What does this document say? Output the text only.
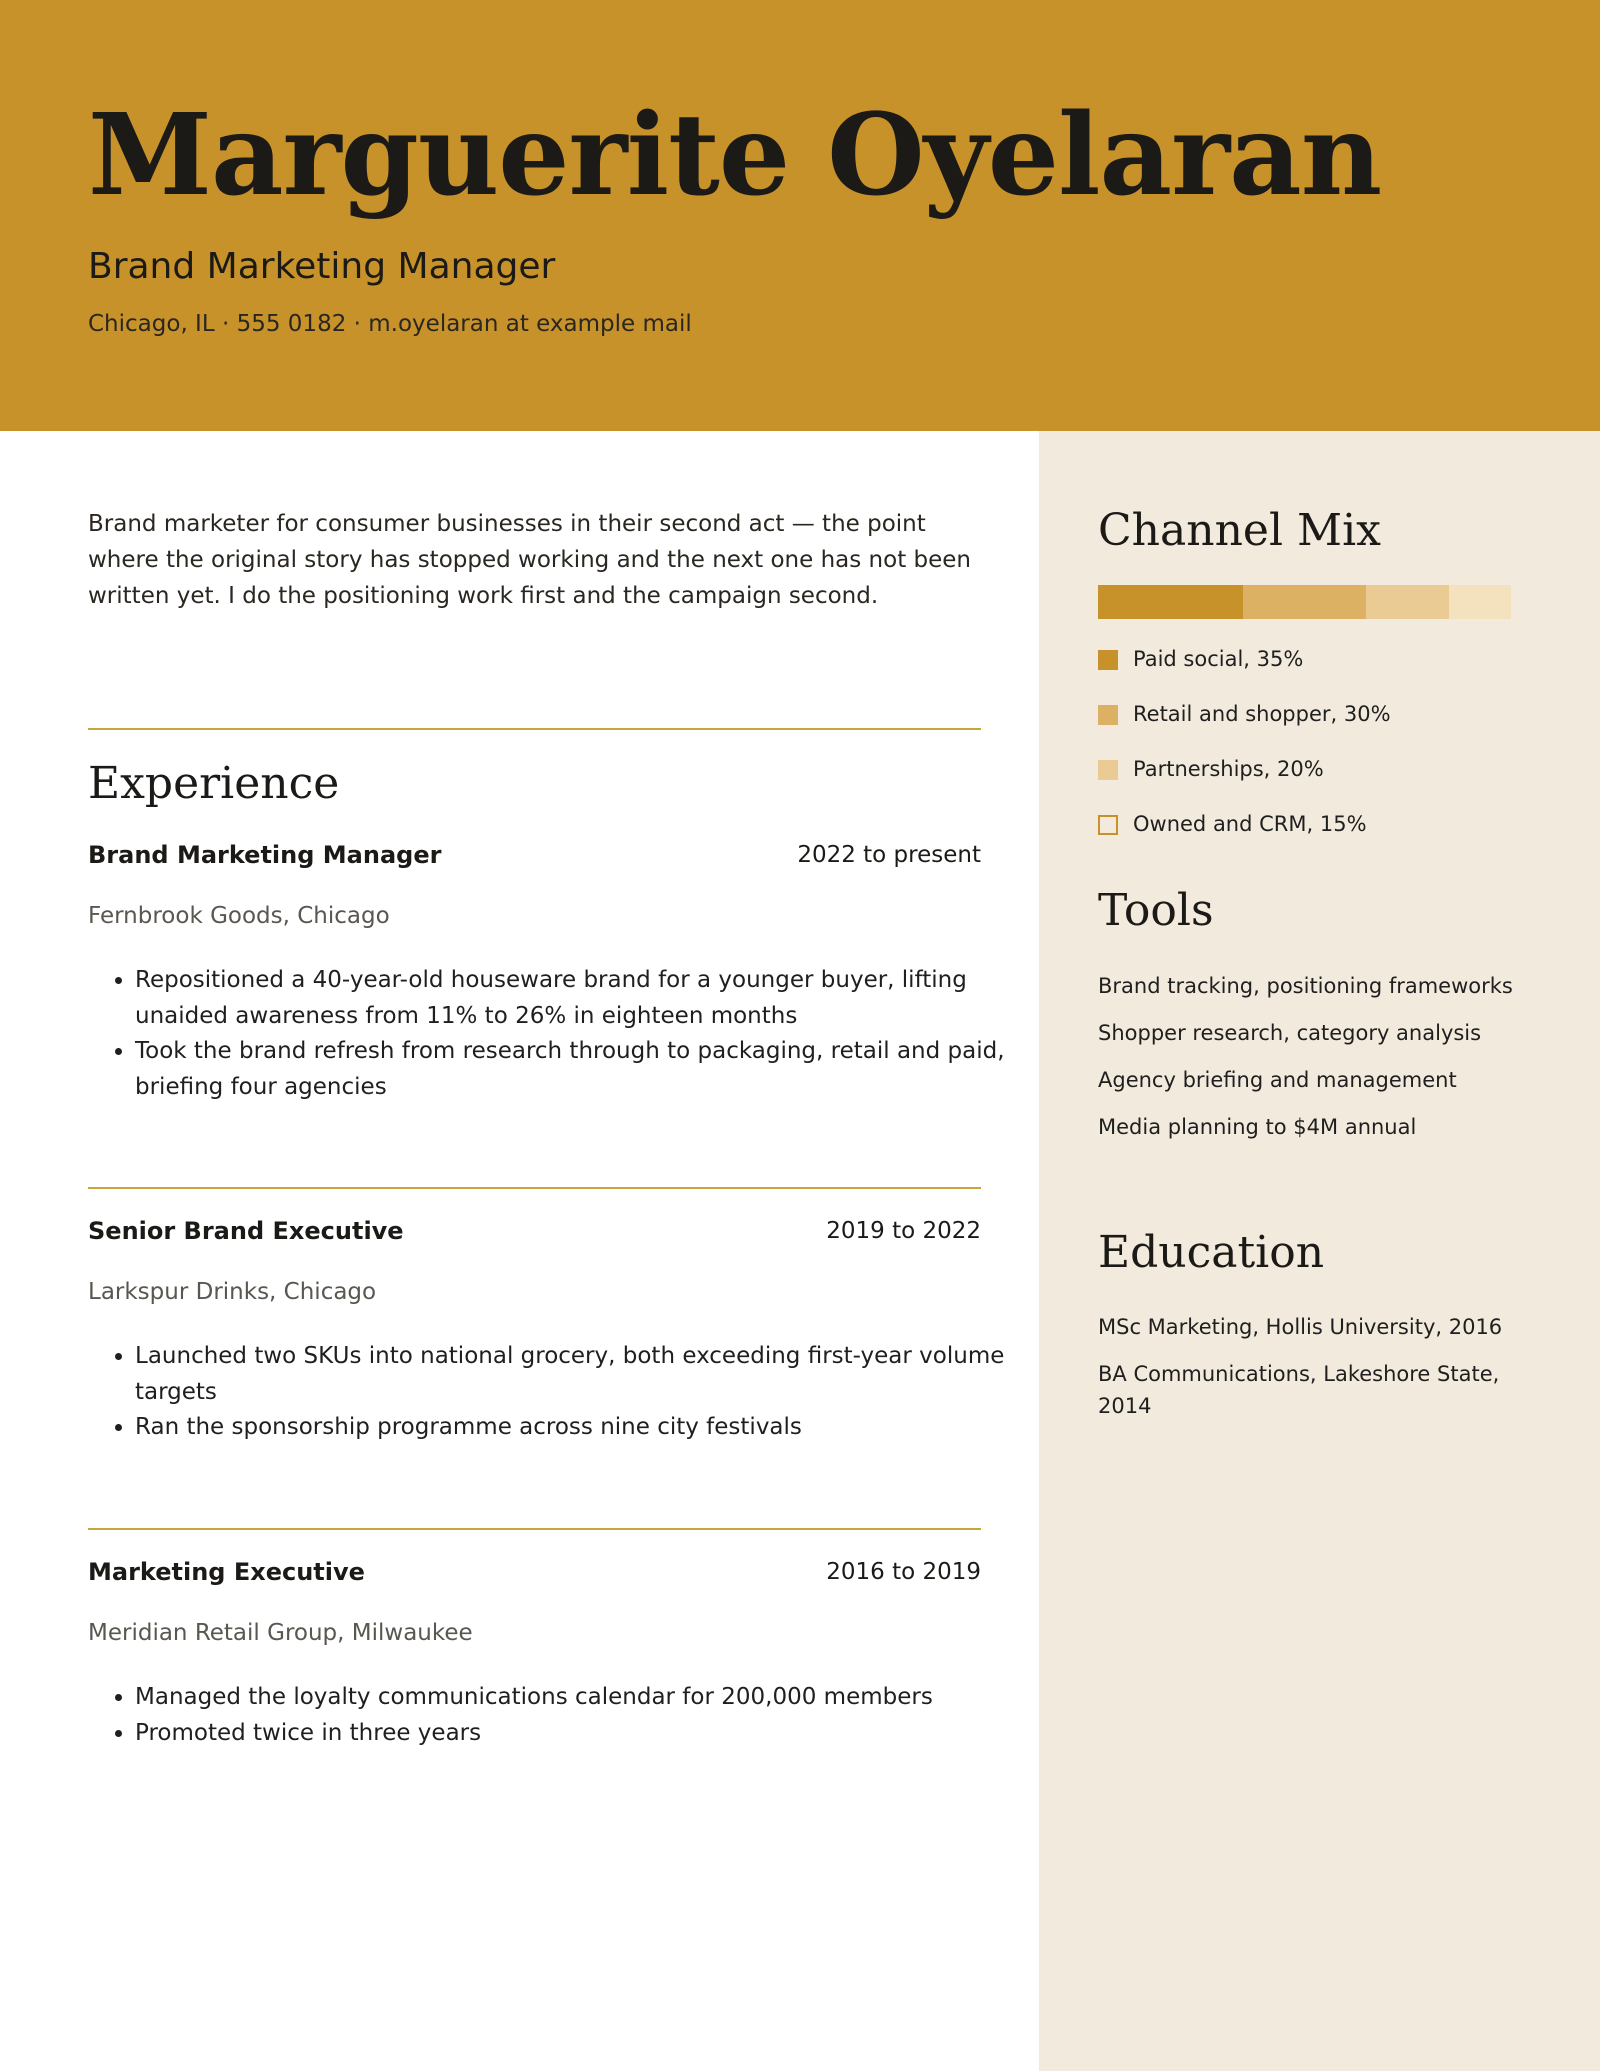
Marguerite Oyelaran
Brand Marketing Manager
Chicago, IL · 555 0182 · m.oyelaran at example mail

Brand marketer for consumer businesses in their second act — the point where the original story has stopped working and the next one has not been written yet. I do the positioning work first and the campaign second.

Experience
Brand Marketing Manager	2022 to present
Fernbrook Goods, Chicago
• Repositioned a 40-year-old houseware brand for a younger buyer, lifting unaided awareness from 11% to 26% in eighteen months
• Took the brand refresh from research through to packaging, retail and paid, briefing four agencies
Senior Brand Executive	2019 to 2022
Larkspur Drinks, Chicago
• Launched two SKUs into national grocery, both exceeding first-year volume targets
• Ran the sponsorship programme across nine city festivals
Marketing Executive	2016 to 2019
Meridian Retail Group, Milwaukee
• Managed the loyalty communications calendar for 200,000 members
• Promoted twice in three years
Channel Mix
Paid social, 35%
Retail and shopper, 30%
Partnerships, 20%
Owned and CRM, 15%
Tools
Brand tracking, positioning frameworks
Shopper research, category analysis
Agency briefing and management
Media planning to $4M annual
Education
MSc Marketing, Hollis University, 2016
BA Communications, Lakeshore State, 2014
